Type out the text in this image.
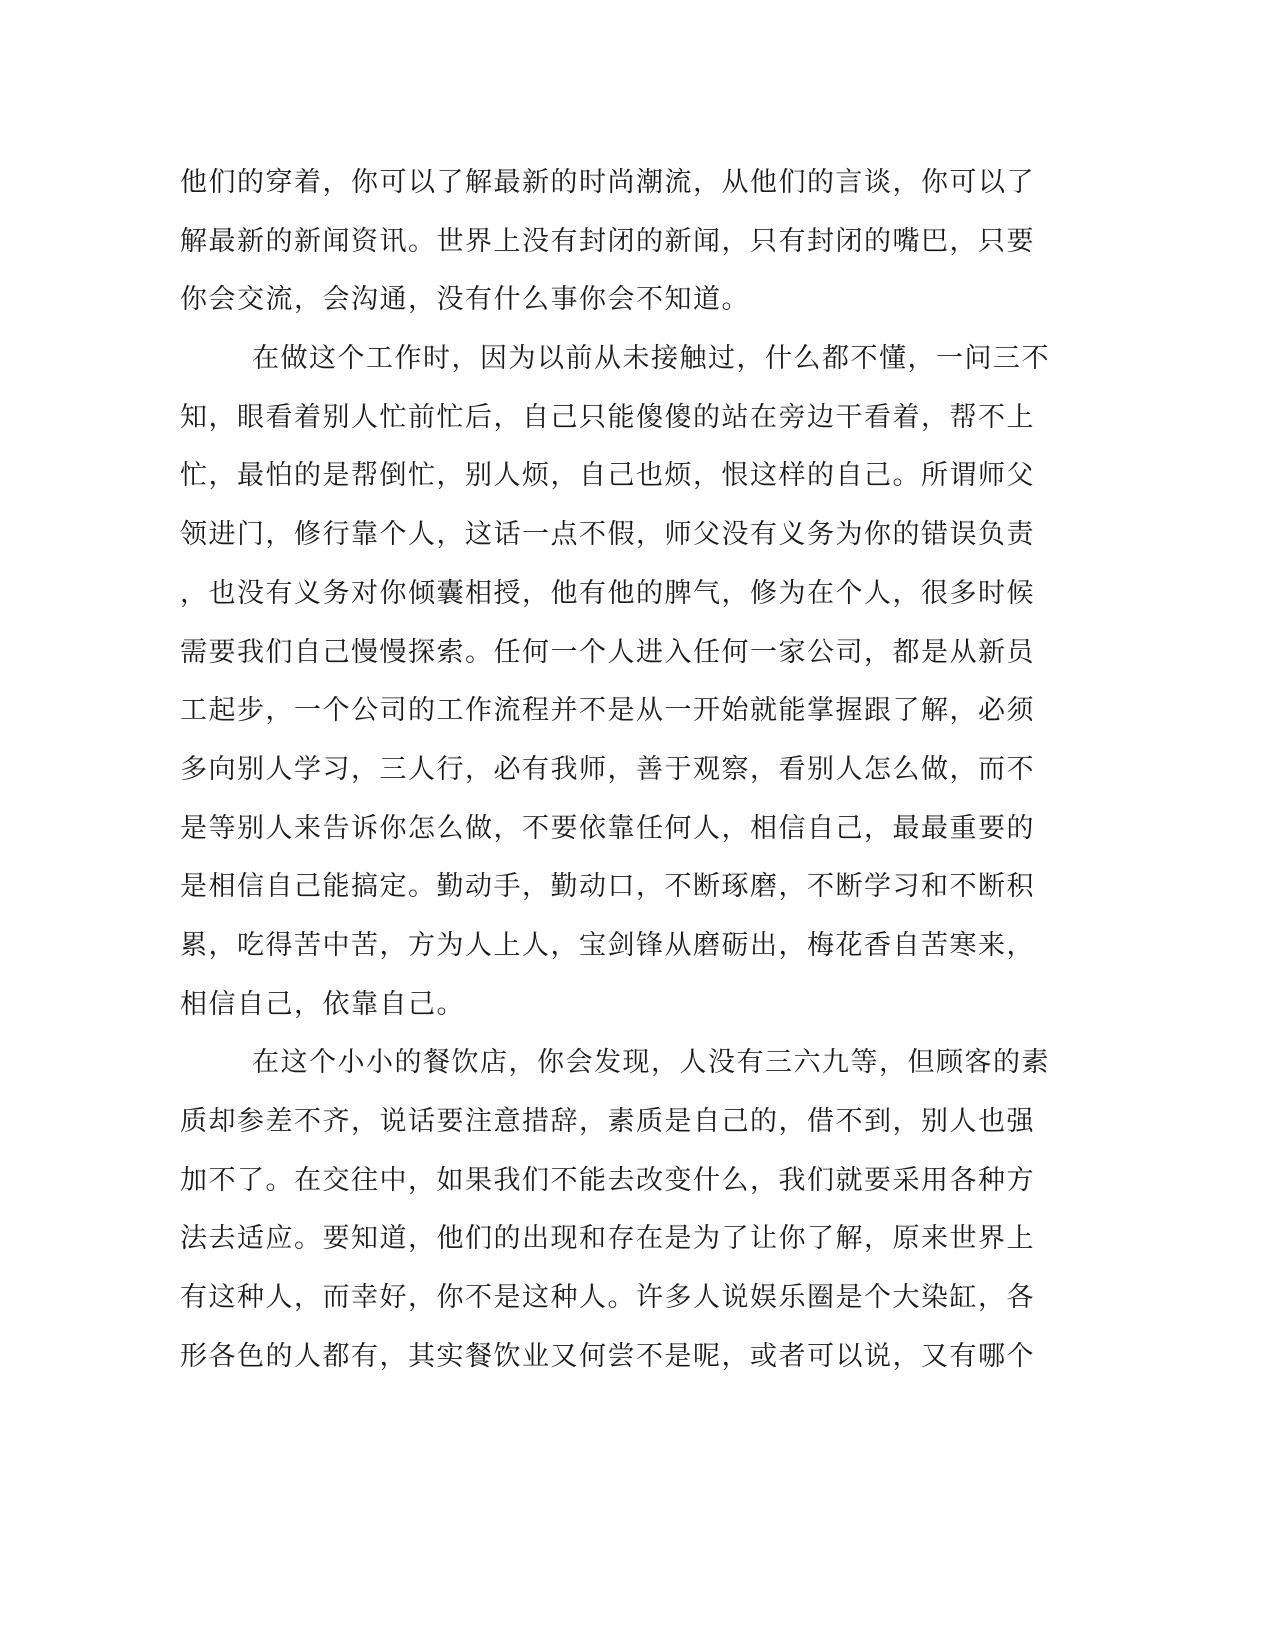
他们的穿着，你可以了解最新的时尚潮流，从他们的言谈，你可以了
解最新的新闻资讯。世界上没有封闭的新闻，只有封闭的嘴巴，只要
你会交流，会沟通，没有什么事你会不知道。
在做这个工作时，因为以前从未接触过，什么都不懂，一问三不
知，眼看着别人忙前忙后，自己只能傻傻的站在旁边干看着，帮不上
忙，最怕的是帮倒忙，别人烦，自己也烦，恨这样的自己。所谓师父
领进门，修行靠个人，这话一点不假，师父没有义务为你的错误负责
，也没有义务对你倾囊相授，他有他的脾气，修为在个人，很多时候
需要我们自己慢慢探索。任何一个人进入任何一家公司，都是从新员
工起步，一个公司的工作流程并不是从一开始就能掌握跟了解，必须
多向别人学习，三人行，必有我师，善于观察，看别人怎么做，而不
是等别人来告诉你怎么做，不要依靠任何人，相信自己，最最重要的
是相信自己能搞定。勤动手，勤动口，不断琢磨，不断学习和不断积
累，吃得苦中苦，方为人上人，宝剑锋从磨砺出，梅花香自苦寒来，
相信自己，依靠自己。
在这个小小的餐饮店，你会发现，人没有三六九等，但顾客的素
质却参差不齐，说话要注意措辞，素质是自己的，借不到，别人也强
加不了。在交往中，如果我们不能去改变什么，我们就要采用各种方
法去适应。要知道，他们的出现和存在是为了让你了解，原来世界上
有这种人，而幸好，你不是这种人。许多人说娱乐圈是个大染缸，各
形各色的人都有，其实餐饮业又何尝不是呢，或者可以说，又有哪个
